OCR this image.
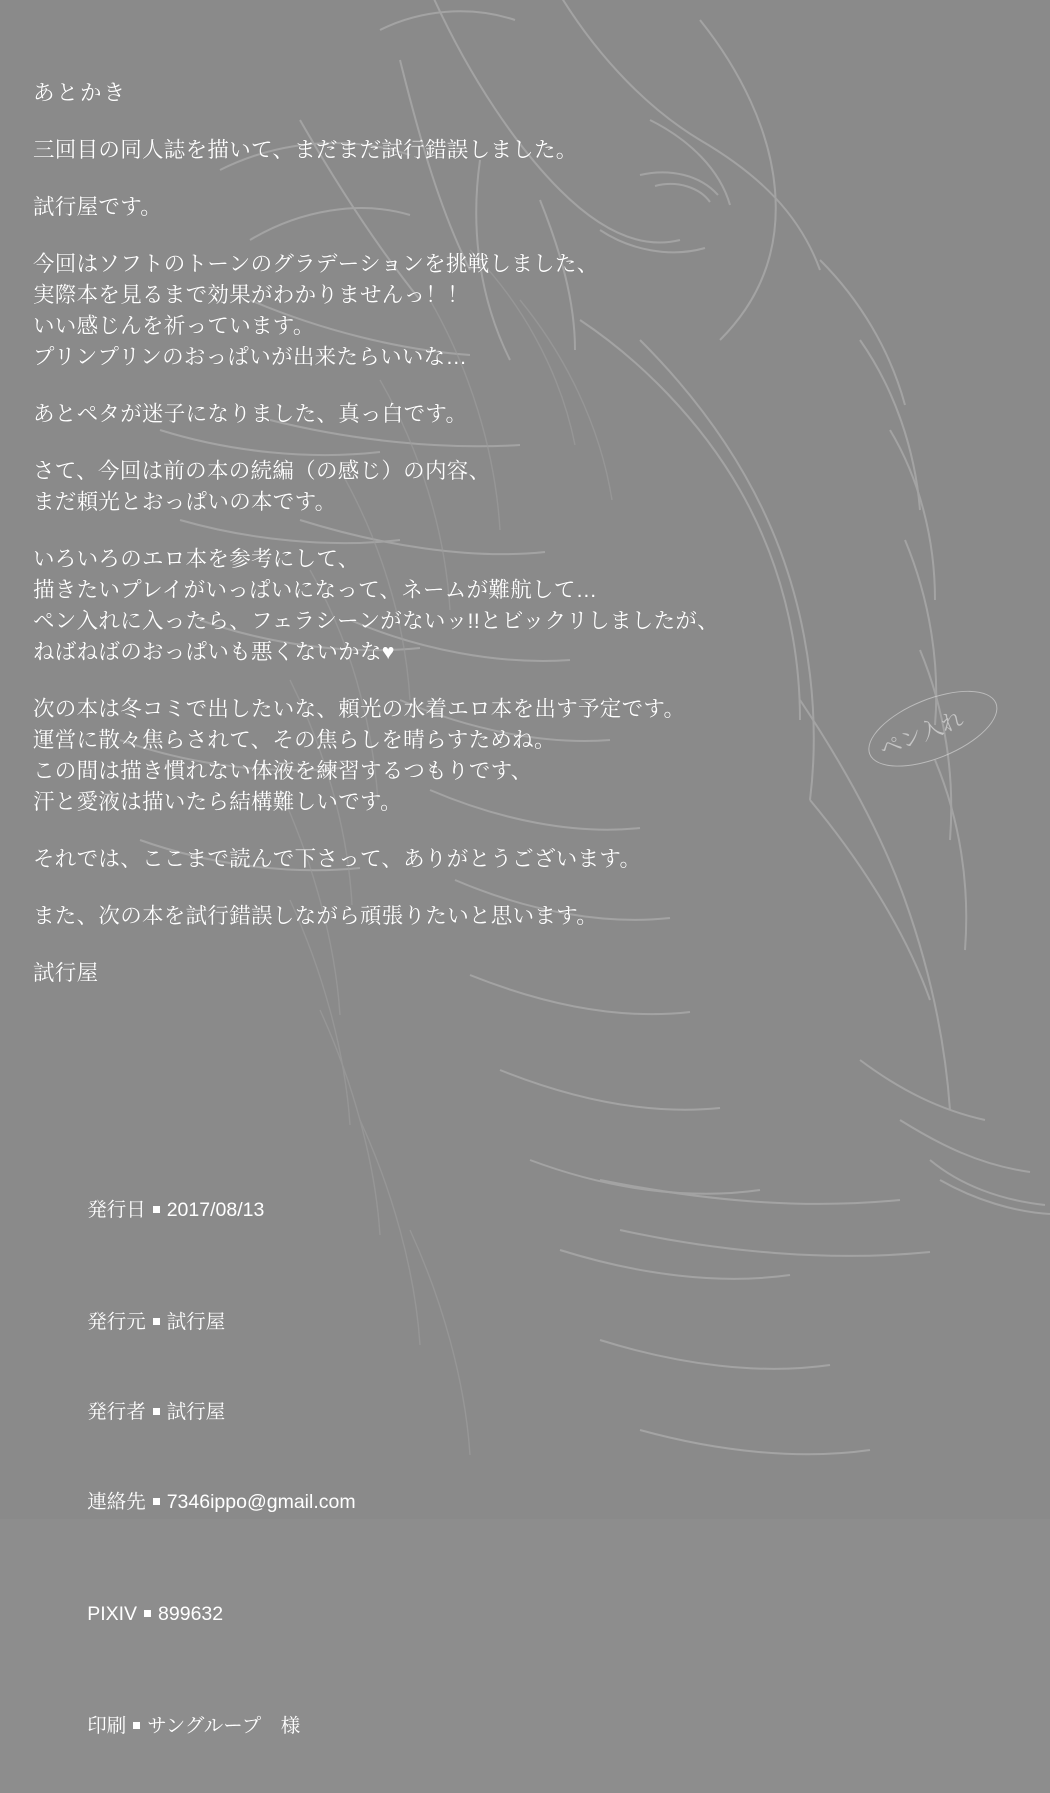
あとかき
三回目の同人誌を描いて、まだまだ試行錯誤しました。
試行屋です。
今回はソフトのトーンのグラデーションを挑戦しました、
実際本を見るまで効果がわかりませんっ！！
いい感じんを祈っています。
プリンプリンのおっぱいが出来たらいいな…
あとペタが迷子になりました、真っ白です。
さて、今回は前の本の続編（の感じ）の内容、
まだ頼光とおっぱいの本です。
いろいろのエロ本を参考にして、
描きたいプレイがいっぱいになって、ネームが難航して…
ペン入れに入ったら、フェラシーンがないッ!!とビックリしましたが、
ねばねばのおっぱいも悪くないかな♥
次の本は冬コミで出したいな、頼光の水着エロ本を出す予定です。
運営に散々焦らされて、その焦らしを晴らすためね。
この間は描き慣れない体液を練習するつもりです、
汗と愛液は描いたら結構難しいです。
それでは、ここまで読んで下さって、ありがとうございます。
また、次の本を試行錯誤しながら頑張りたいと思います。
試行屋
ペン入れ

発行日 2017/08/13

発行元 試行屋

発行者 試行屋

連絡先 7346ippo@gmail.com

PIXIV 899632

印刷 サングループ　様
